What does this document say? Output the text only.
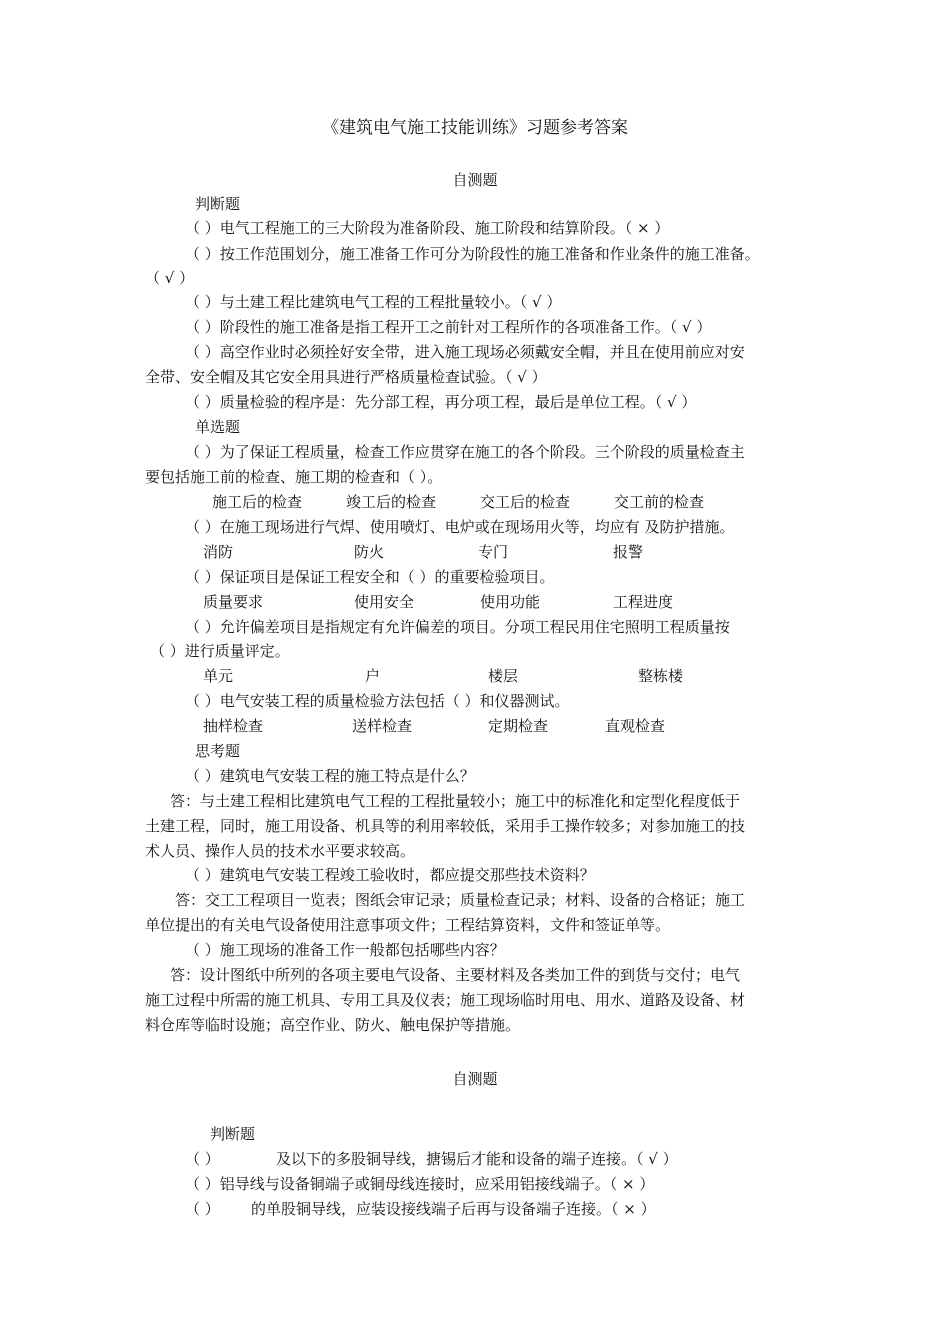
《建筑电气施工技能训练》习题参考答案
自测题
判断题
（ ）电气工程施工的三大阶段为准备阶段、施工阶段和结算阶段。（ × ）
（ ）按工作范围划分，施工准备工作可分为阶段性的施工准备和作业条件的施工准备。
（ √ ）
（ ）与土建工程比建筑电气工程的工程批量较小。（ √ ）
（ ）阶段性的施工准备是指工程开工之前针对工程所作的各项准备工作。（ √ ）
（ ）高空作业时必须拴好安全带，进入施工现场必须戴安全帽，并且在使用前应对安
全带、安全帽及其它安全用具进行严格质量检查试验。（ √ ）
（ ）质量检验的程序是：先分部工程，再分项工程，最后是单位工程。（ √ ）
单选题
（ ）为了保证工程质量，检查工作应贯穿在施工的各个阶段。三个阶段的质量检查主
要包括施工前的检查、施工期的检查和（ ）。
施工后的检查	竣工后的检查	交工后的检查	交工前的检查
（ ）在施工现场进行气焊、使用喷灯、电炉或在现场用火等，均应有 及防护措施。
消防	防火	专门	报警
（ ）保证项目是保证工程安全和（ ）的重要检验项目。
质量要求	使用安全	使用功能	工程进度
（ ）允许偏差项目是指规定有允许偏差的项目。分项工程民用住宅照明工程质量按
（ ）进行质量评定。
单元	户	楼层	整栋楼
（ ）电气安装工程的质量检验方法包括（ ）和仪器测试。
抽样检查	送样检查	定期检查	直观检查
思考题
（ ）建筑电气安装工程的施工特点是什么？
答：与土建工程相比建筑电气工程的工程批量较小；施工中的标准化和定型化程度低于
土建工程，同时，施工用设备、机具等的利用率较低，采用手工操作较多；对参加施工的技
术人员、操作人员的技术水平要求较高。
（ ）建筑电气安装工程竣工验收时，都应提交那些技术资料？
答：交工工程项目一览表；图纸会审记录；质量检查记录；材料、设备的合格证；施工
单位提出的有关电气设备使用注意事项文件；工程结算资料，文件和签证单等。
（ ）施工现场的准备工作一般都包括哪些内容？
答：设计图纸中所列的各项主要电气设备、主要材料及各类加工件的到货与交付；电气
施工过程中所需的施工机具、专用工具及仪表；施工现场临时用电、用水、道路及设备、材
料仓库等临时设施；高空作业、防火、触电保护等措施。
自测题
判断题
（ ）	及以下的多股铜导线，搪锡后才能和设备的端子连接。（ √ ）
（ ）铝导线与设备铜端子或铜母线连接时，应采用铝接线端子。（ × ）
（ ） 的单股铜导线，应装设接线端子后再与设备端子连接。（ × ）
